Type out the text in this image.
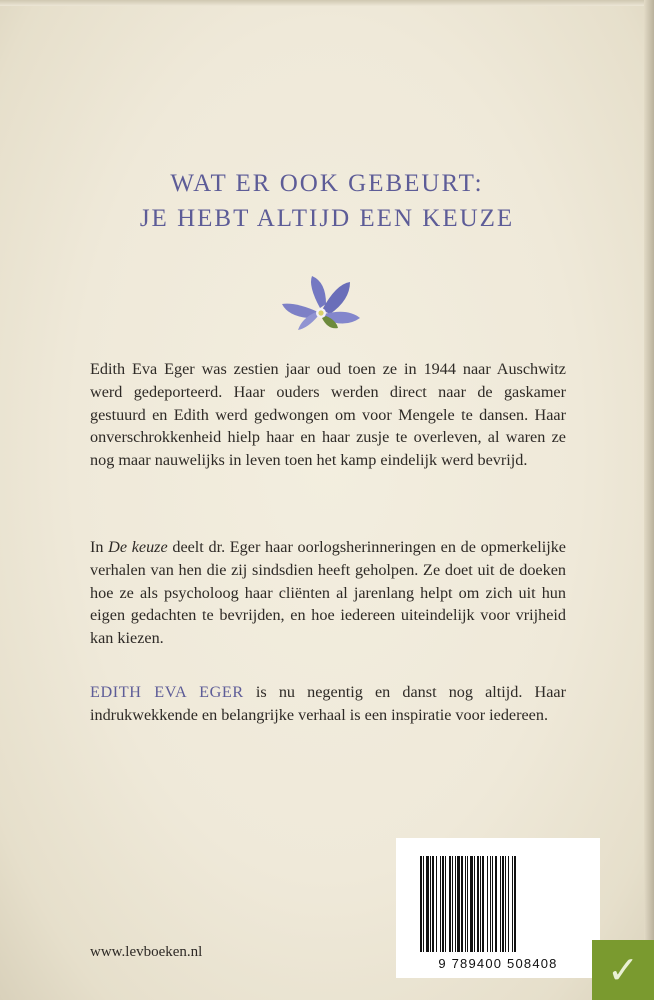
WAT ER OOK GEBEURT:
JE HEBT ALTIJD EEN KEUZE

Edith Eva Eger was zestien jaar oud toen ze in 1944 naar Auschwitz werd gedeporteerd. Haar ouders werden direct naar de gaskamer gestuurd en Edith werd gedwongen om voor Mengele te dansen. Haar onverschrokkenheid hielp haar en haar zusje te overleven, al waren ze nog maar nauwelijks in leven toen het kamp eindelijk werd bevrijd.

In De keuze deelt dr. Eger haar oorlogsherinneringen en de opmerkelijke verhalen van hen die zij sindsdien heeft geholpen. Ze doet uit de doeken hoe ze als psycholoog haar cliënten al jarenlang helpt om zich uit hun eigen gedachten te bevrijden, en hoe iedereen uiteindelijk voor vrijheid kan kiezen.

EDITH EVA EGER is nu negentig en danst nog altijd. Haar indrukwekkende en belangrijke verhaal is een inspiratie voor iedereen.

www.levboeken.nl

9 789400 508408	✓
